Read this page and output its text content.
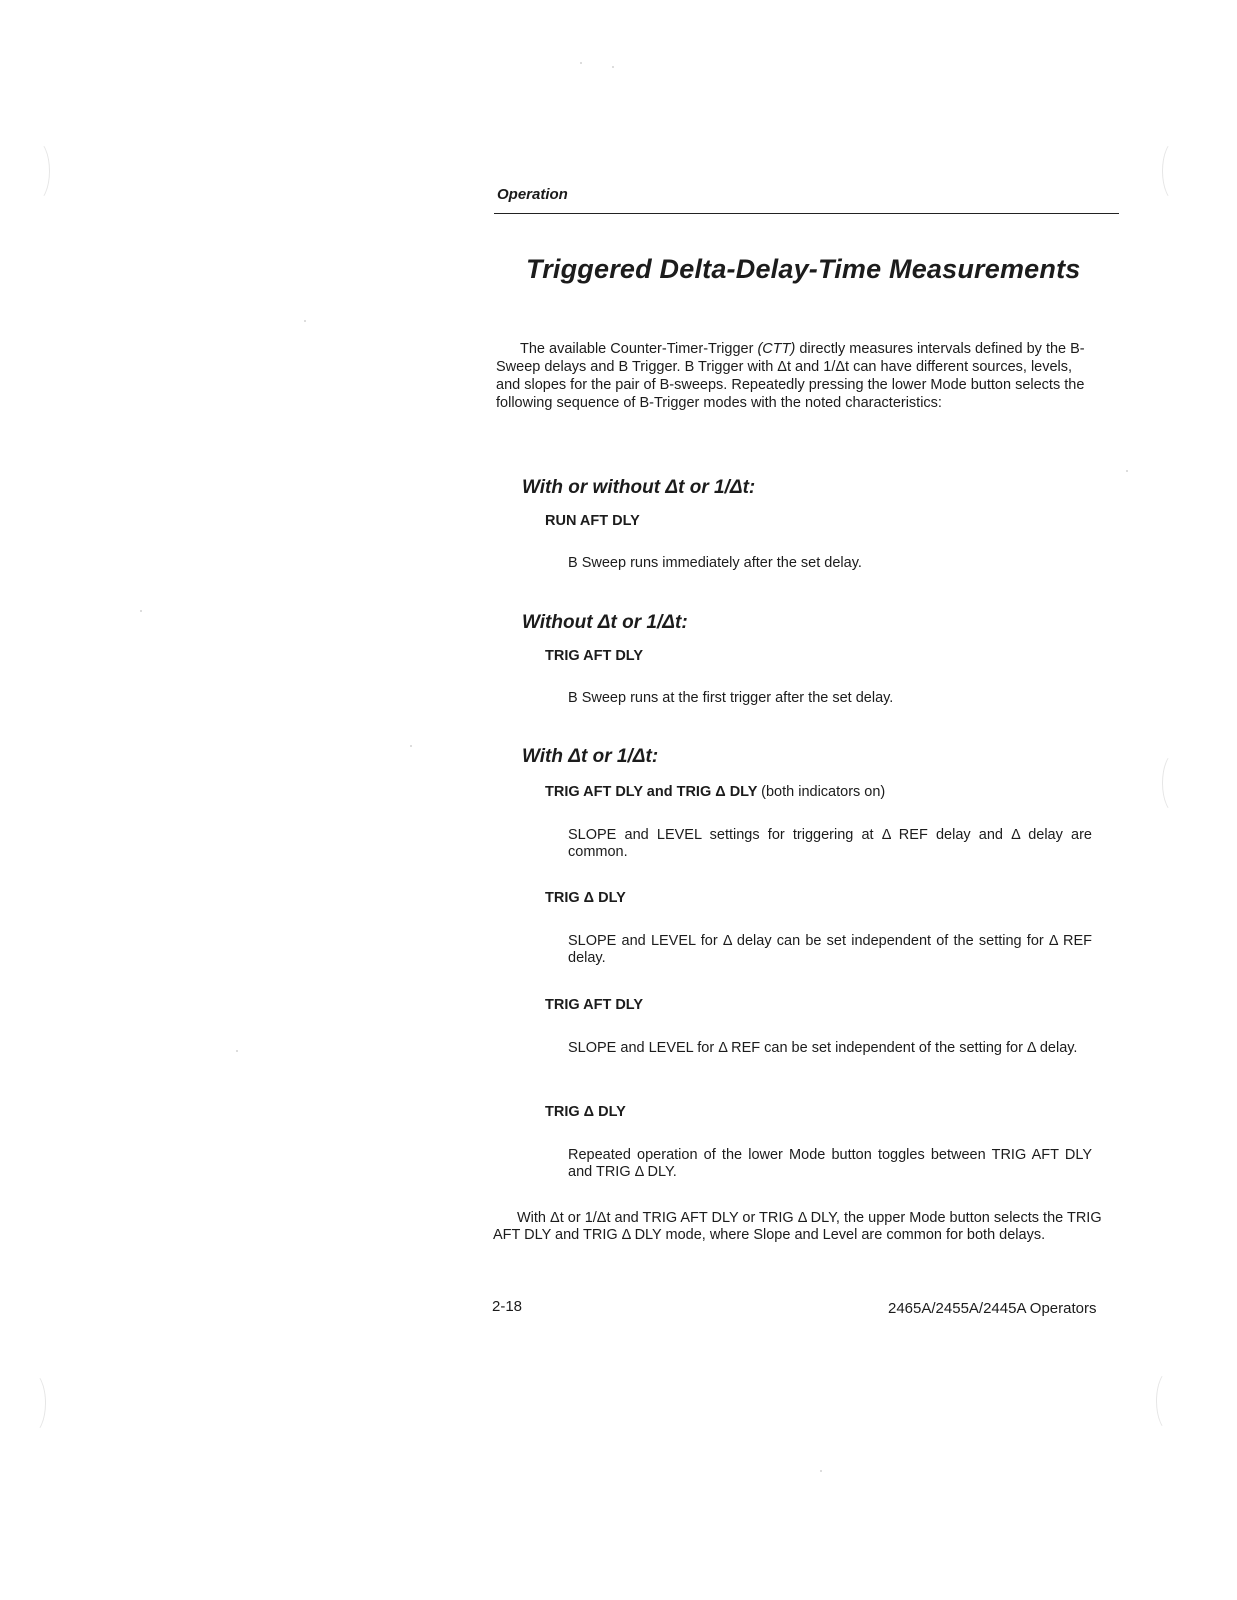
Operation
Triggered Delta-Delay-Time Measurements

The available Counter-Timer-Trigger (CTT) directly measures intervals defined by the B-Sweep delays and B Trigger. B Trigger with Δt and 1/Δt can have different sources, levels, and slopes for the pair of B-sweeps. Repeatedly pressing the lower Mode button selects the following sequence of B-Trigger modes with the noted characteristics:

With or without Δt or 1/Δt:
RUN AFT DLY

B Sweep runs immediately after the set delay.

Without Δt or 1/Δt:
TRIG AFT DLY

B Sweep runs at the first trigger after the set delay.

With Δt or 1/Δt:
TRIG AFT DLY and TRIG Δ DLY (both indicators on)

SLOPE and LEVEL settings for triggering at Δ REF delay and Δ delay are common.

TRIG Δ DLY

SLOPE and LEVEL for Δ delay can be set independent of the setting for Δ REF delay.

TRIG AFT DLY

SLOPE and LEVEL for Δ REF can be set independent of the setting for Δ delay.

TRIG Δ DLY

Repeated operation of the lower Mode button toggles between TRIG AFT DLY and TRIG Δ DLY.

With Δt or 1/Δt and TRIG AFT DLY or TRIG Δ DLY, the upper Mode button selects the TRIG AFT DLY and TRIG Δ DLY mode, where Slope and Level are common for both delays.

2-18	2465A/2455A/2445A Operators
